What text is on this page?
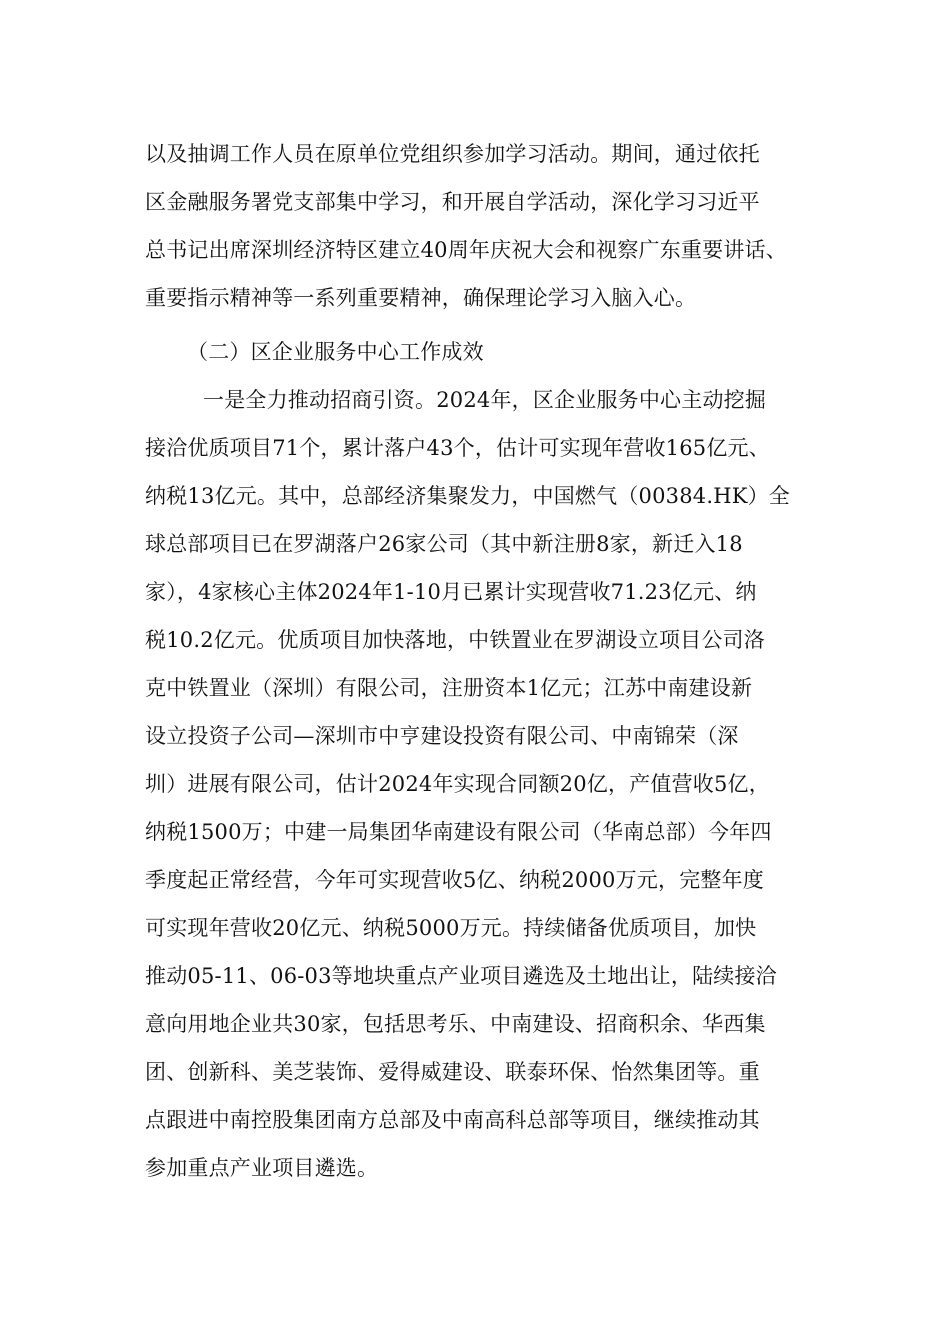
以及抽调工作人员在原单位党组织参加学习活动。期间，通过依托
区金融服务署党支部集中学习，和开展自学活动，深化学习习近平
总书记出席深圳经济特区建立40周年庆祝大会和视察广东重要讲话、
重要指示精神等一系列重要精神，确保理论学习入脑入心。
（二）区企业服务中心工作成效
一是全力推动招商引资。2024年，区企业服务中心主动挖掘
接洽优质项目71个，累计落户43个，估计可实现年营收165亿元、
纳税13亿元。其中，总部经济集聚发力，中国燃气（00384.HK）全
球总部项目已在罗湖落户26家公司（其中新注册8家，新迁入18
家），4家核心主体2024年1-10月已累计实现营收71.23亿元、纳
税10.2亿元。优质项目加快落地，中铁置业在罗湖设立项目公司洛
克中铁置业（深圳）有限公司，注册资本1亿元；江苏中南建设新
设立投资子公司—深圳市中亨建设投资有限公司、中南锦荣（深
圳）进展有限公司，估计2024年实现合同额20亿，产值营收5亿，
纳税1500万；中建一局集团华南建设有限公司（华南总部）今年四
季度起正常经营，今年可实现营收5亿、纳税2000万元，完整年度
可实现年营收20亿元、纳税5000万元。持续储备优质项目，加快
推动05-11、06-03等地块重点产业项目遴选及土地出让，陆续接洽
意向用地企业共30家，包括思考乐、中南建设、招商积余、华西集
团、创新科、美芝装饰、爱得威建设、联泰环保、怡然集团等。重
点跟进中南控股集团南方总部及中南高科总部等项目，继续推动其
参加重点产业项目遴选。
